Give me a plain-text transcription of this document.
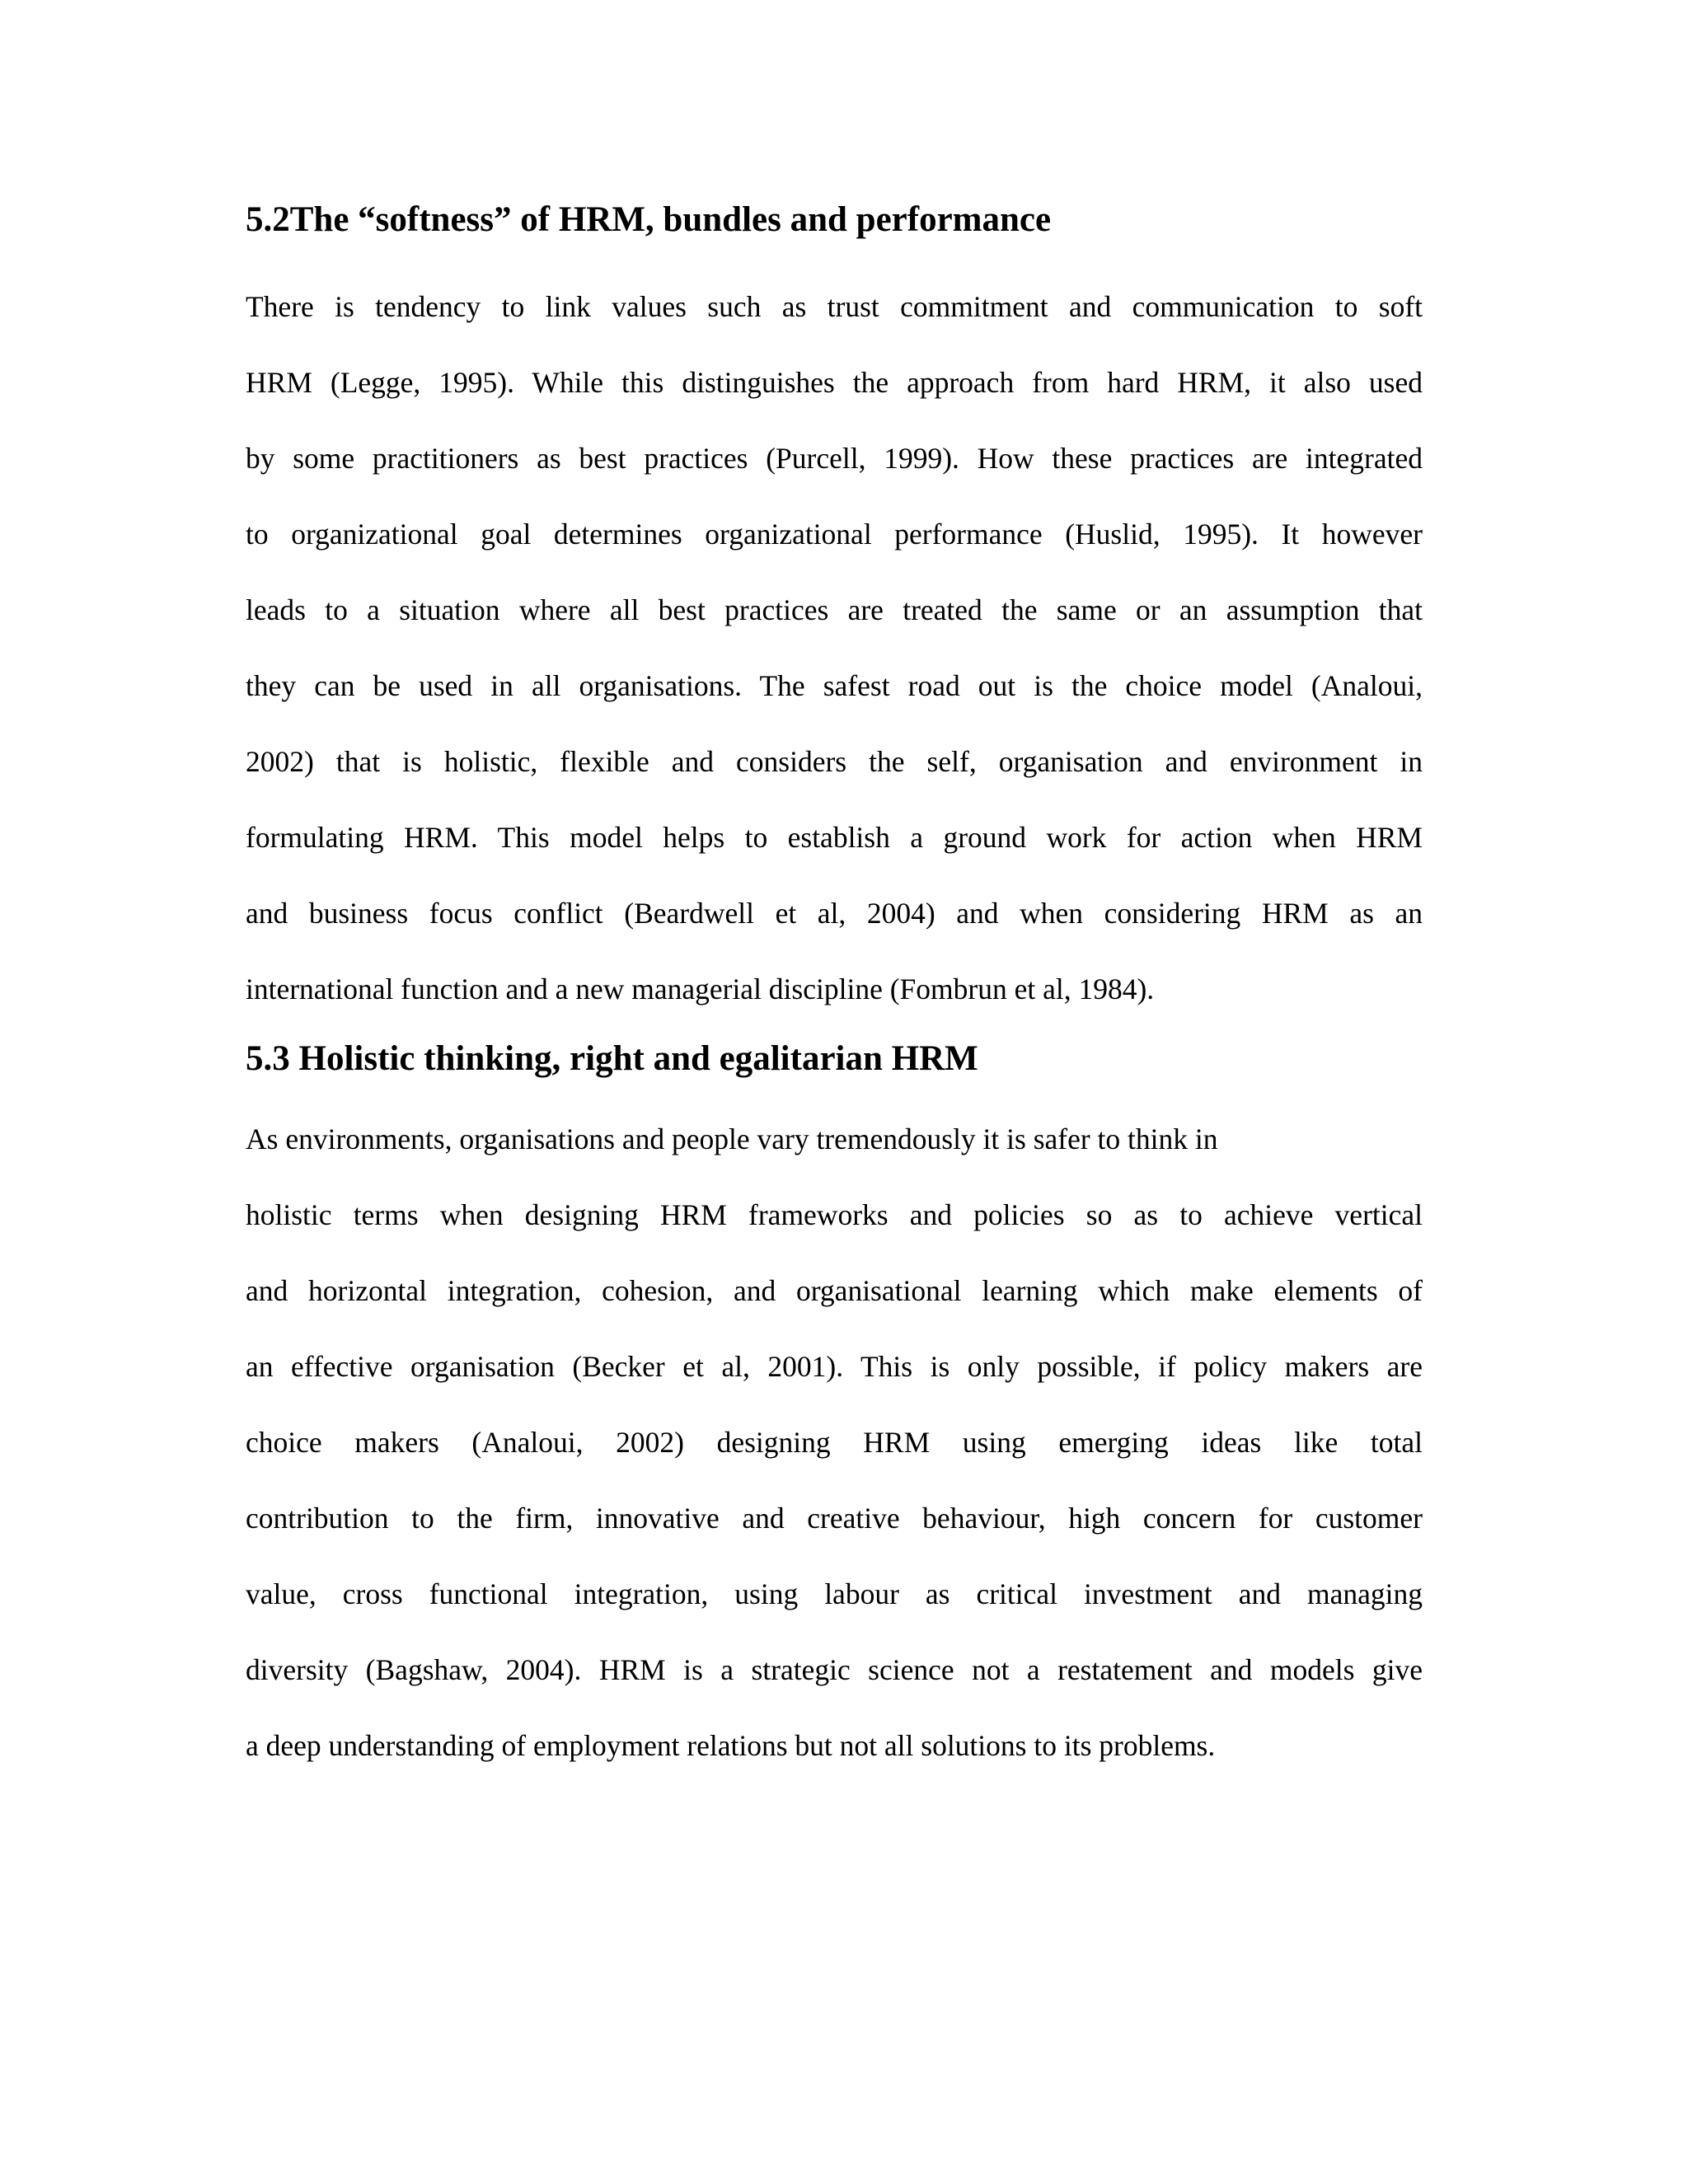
5.2The “softness” of HRM, bundles and performance

There is tendency to link values such as trust commitment and communication to soft
HRM (Legge, 1995). While this distinguishes the approach from hard HRM, it also used
by some practitioners as best practices (Purcell, 1999). How these practices are integrated
to organizational goal determines organizational performance (Huslid, 1995). It however
leads to a situation where all best practices are treated the same or an assumption that
they can be used in all organisations. The safest road out is the choice model (Analoui,
2002) that is holistic, flexible and considers the self, organisation and environment in
formulating HRM. This model helps to establish a ground work for action when HRM
and business focus conflict (Beardwell et al, 2004) and when considering HRM as an
international function and a new managerial discipline (Fombrun et al, 1984).

5.3 Holistic thinking, right and egalitarian HRM

As environments, organisations and people vary tremendously it is safer to think in
holistic terms when designing HRM frameworks and policies so as to achieve vertical
and horizontal integration, cohesion, and organisational learning which make elements of
an effective organisation (Becker et al, 2001). This is only possible, if policy makers are
choice makers (Analoui, 2002) designing HRM using emerging ideas like total
contribution to the firm, innovative and creative behaviour, high concern for customer
value, cross functional integration, using labour as critical investment and managing
diversity (Bagshaw, 2004). HRM is a strategic science not a restatement and models give
a deep understanding of employment relations but not all solutions to its problems.
